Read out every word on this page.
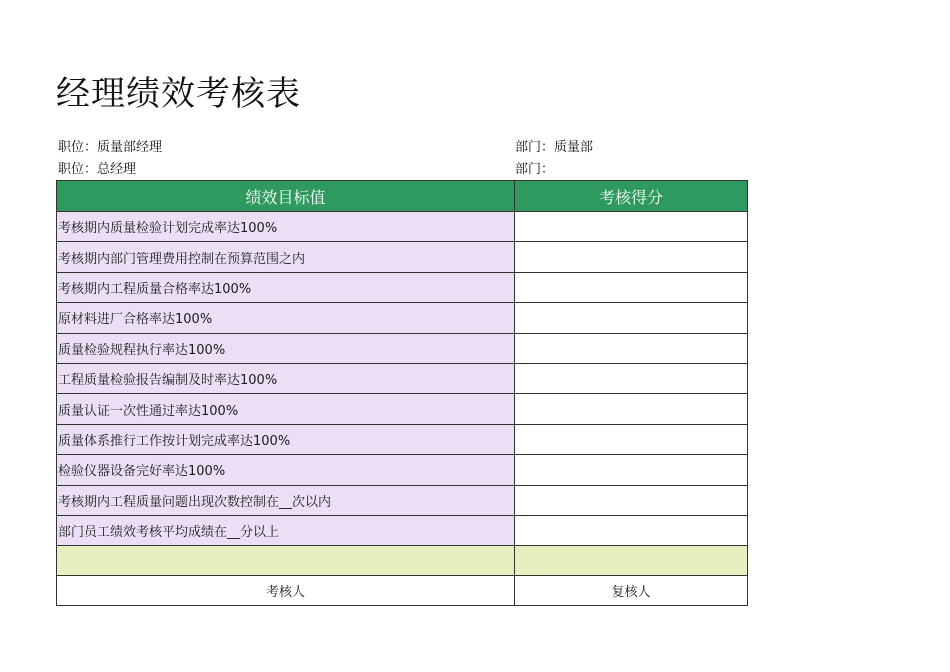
经理绩效考核表
职位：质量部经理	部门：质量部
职位：总经理	部门：
绩效目标值	考核得分
考核期内质量检验计划完成率达100%	
考核期内部门管理费用控制在预算范围之内	
考核期内工程质量合格率达100%	
原材料进厂合格率达100%	
质量检验规程执行率达100%	
工程质量检验报告编制及时率达100%	
质量认证一次性通过率达100%	
质量体系推行工作按计划完成率达100%	
检验仪器设备完好率达100%	
考核期内工程质量问题出现次数控制在__次以内	
部门员工绩效考核平均成绩在__分以上	

考核人	复核人
